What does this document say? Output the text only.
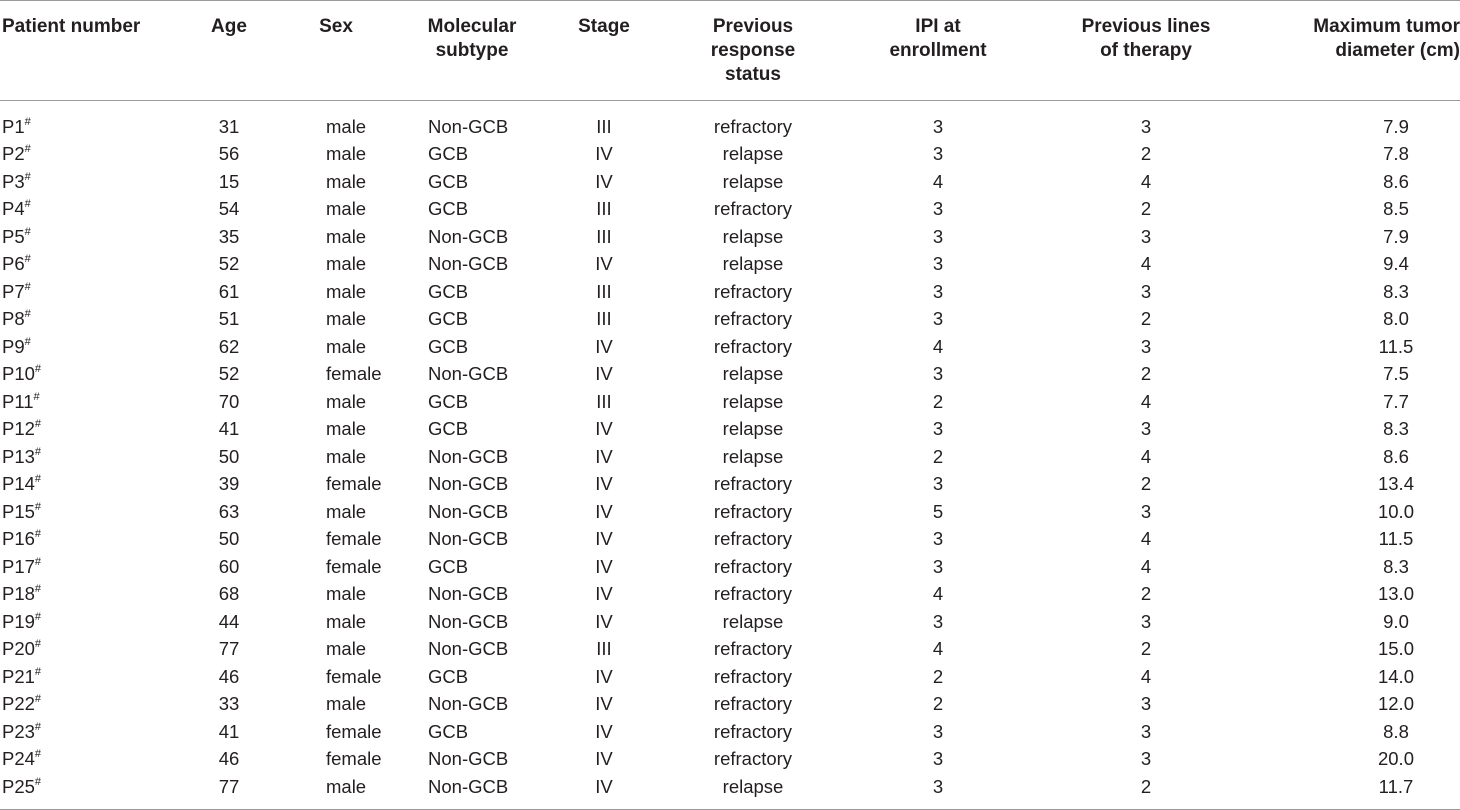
Patient number	Age	Sex	Molecular subtype	Stage	Previous response status	IPI at enrollment	Previous lines of therapy	Maximum tumor diameter (cm)
P1#	31	male	Non-GCB	III	refractory	3	3	7.9
P2#	56	male	GCB	IV	relapse	3	2	7.8
P3#	15	male	GCB	IV	relapse	4	4	8.6
P4#	54	male	GCB	III	refractory	3	2	8.5
P5#	35	male	Non-GCB	III	relapse	3	3	7.9
P6#	52	male	Non-GCB	IV	relapse	3	4	9.4
P7#	61	male	GCB	III	refractory	3	3	8.3
P8#	51	male	GCB	III	refractory	3	2	8.0
P9#	62	male	GCB	IV	refractory	4	3	11.5
P10#	52	female	Non-GCB	IV	relapse	3	2	7.5
P11#	70	male	GCB	III	relapse	2	4	7.7
P12#	41	male	GCB	IV	relapse	3	3	8.3
P13#	50	male	Non-GCB	IV	relapse	2	4	8.6
P14#	39	female	Non-GCB	IV	refractory	3	2	13.4
P15#	63	male	Non-GCB	IV	refractory	5	3	10.0
P16#	50	female	Non-GCB	IV	refractory	3	4	11.5
P17#	60	female	GCB	IV	refractory	3	4	8.3
P18#	68	male	Non-GCB	IV	refractory	4	2	13.0
P19#	44	male	Non-GCB	IV	relapse	3	3	9.0
P20#	77	male	Non-GCB	III	refractory	4	2	15.0
P21#	46	female	GCB	IV	refractory	2	4	14.0
P22#	33	male	Non-GCB	IV	refractory	2	3	12.0
P23#	41	female	GCB	IV	refractory	3	3	8.8
P24#	46	female	Non-GCB	IV	refractory	3	3	20.0
P25#	77	male	Non-GCB	IV	relapse	3	2	11.7
